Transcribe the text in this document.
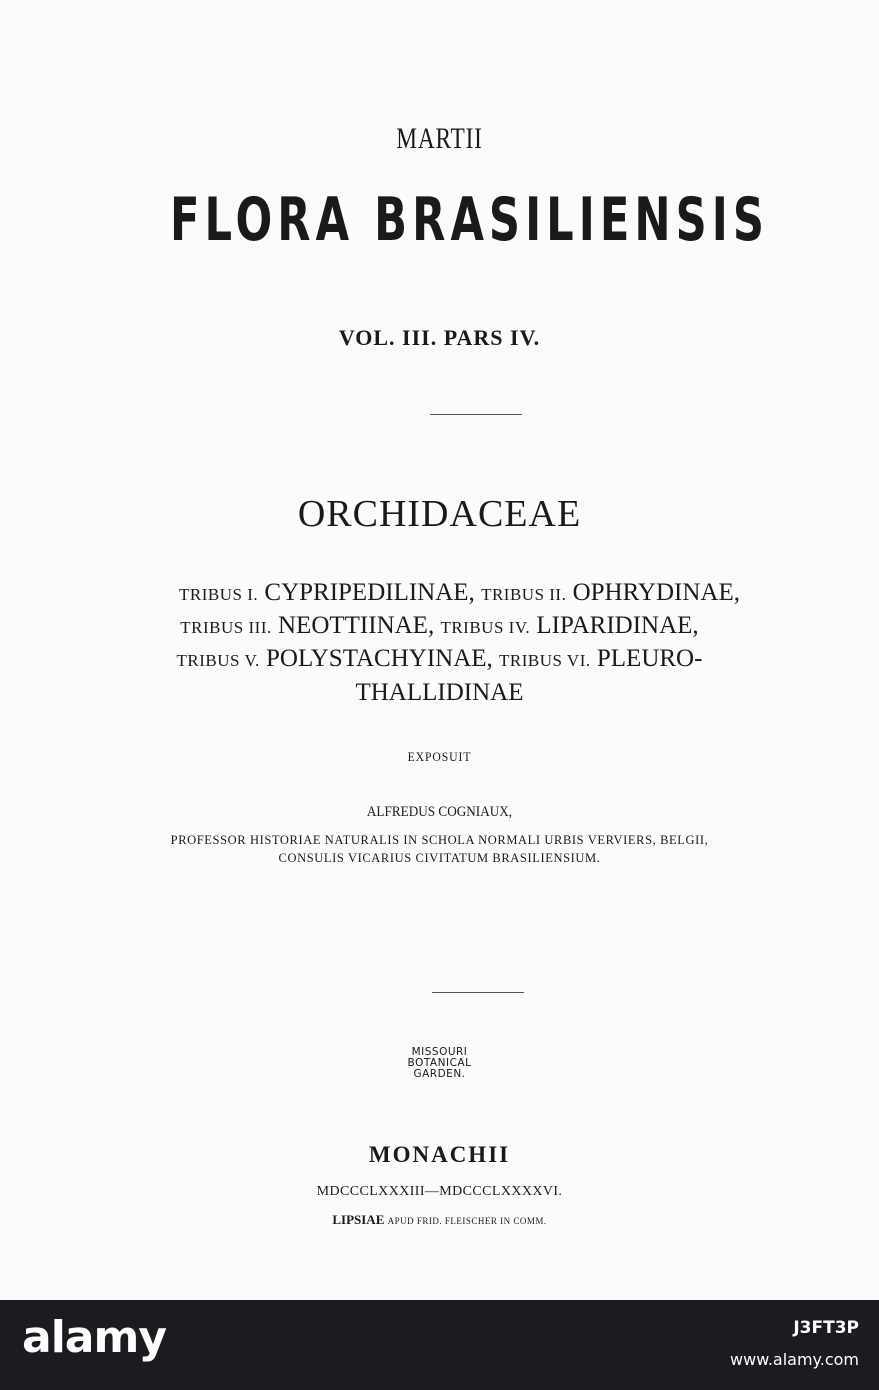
MARTII
FLORA BRASILIENSIS
VOL. III. PARS IV.
ORCHIDACEAE
TRIBUS I. CYPRIPEDILINAE, TRIBUS II. OPHRYDINAE,
TRIBUS III. NEOTTIINAE, TRIBUS IV. LIPARIDINAE,
TRIBUS V. POLYSTACHYINAE, TRIBUS VI. PLEURO-
THALLIDINAE
EXPOSUIT
ALFREDUS COGNIAUX,
PROFESSOR HISTORIAE NATURALIS IN SCHOLA NORMALI URBIS VERVIERS, BELGII,
CONSULIS VICARIUS CIVITATUM BRASILIENSIUM.
MISSOURI
BOTANICAL
GARDEN.
MONACHII
MDCCCLXXXIII—MDCCCLXXXXVI.
LIPSIAE APUD FRID. FLEISCHER IN COMM.
alamy	J3FT3P
www.alamy.com
